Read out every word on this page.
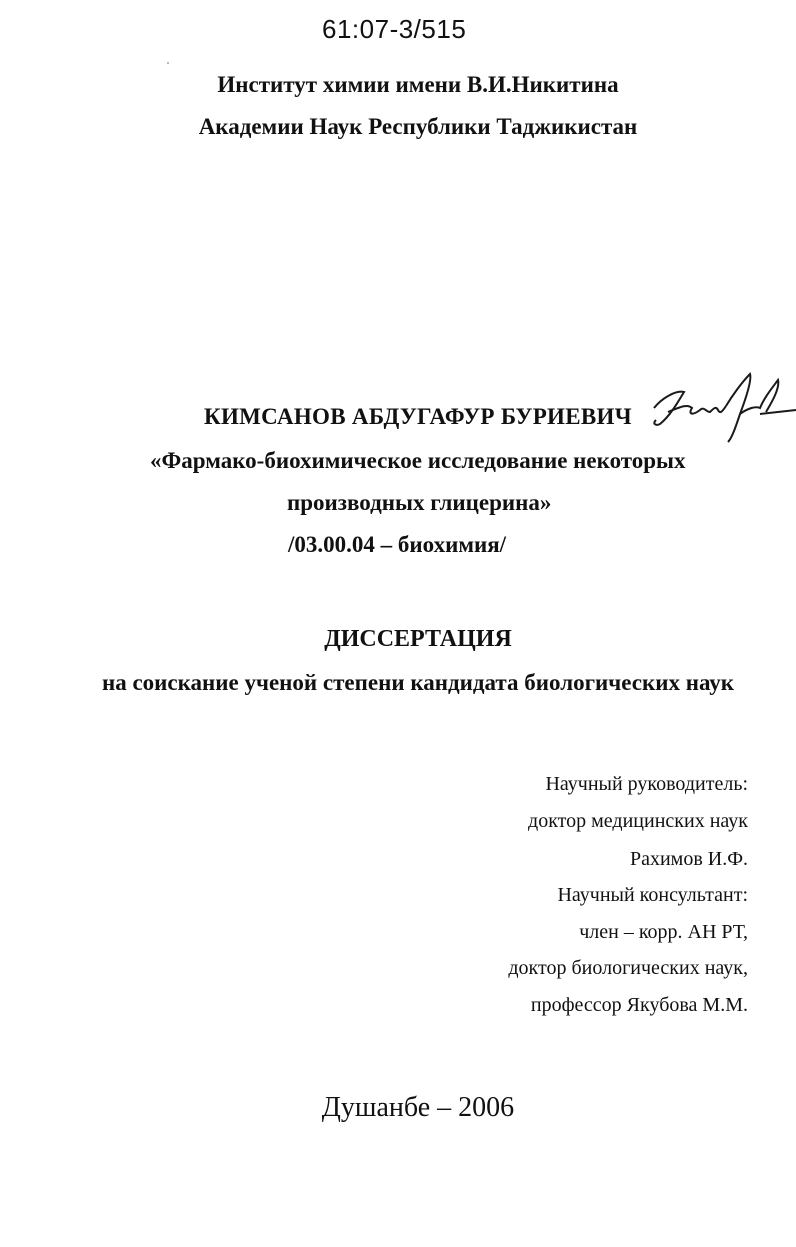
61:07-3/515
Институт химии имени В.И.Никитина
Академии Наук Республики Таджикистан
КИМСАНОВ АБДУГАФУР БУРИЕВИЧ
«Фармако-биохимическое исследование некоторых
производных глицерина»
/03.00.04 – биохимия/
ДИССЕРТАЦИЯ
на соискание ученой степени кандидата биологических наук
Научный руководитель:
доктор медицинских наук
Рахимов И.Ф.
Научный консультант:
член – корр. АН РТ,
доктор биологических наук,
профессор Якубова М.М.
Душанбе – 2006
